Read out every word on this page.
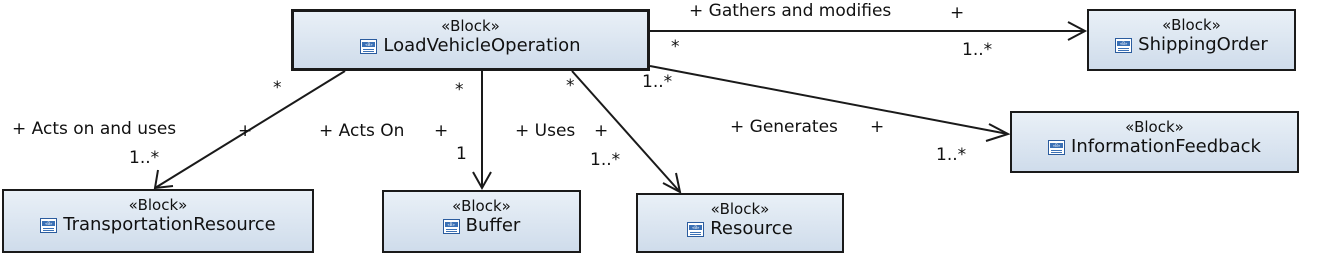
«Block»
«B» LoadVehicleOperation
«Block»
«B» ShippingOrder
«Block»
«B» InformationFeedback
«Block»
«B» TransportationResource
«Block»
«B» Buffer
«Block»
«B» Resource
+ Gathers and modifies	+
*	1..*
+ Generates +
1..*
1..*
+ Acts on and uses	+
*
1..*
+ Acts On +
*
1
+ Uses +
*
1..*
